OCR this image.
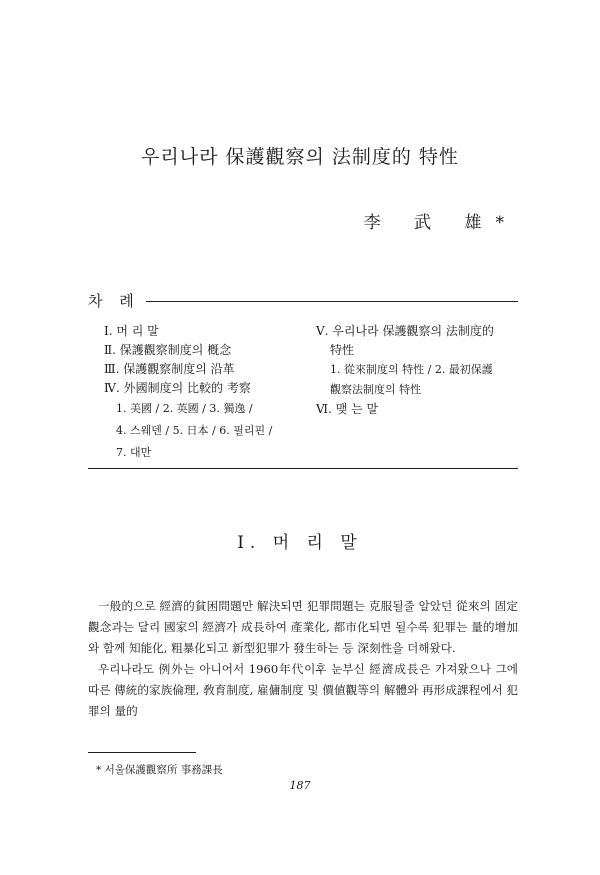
우리나라 保護觀察의 法制度的 特性
李 武 雄*
차 례
Ⅰ. 머 리 말
Ⅱ. 保護觀察制度의 槪念
Ⅲ. 保護觀察制度의 沿革
Ⅳ. 外國制度의 比較的 考察
1. 美國 / 2. 英國 / 3. 獨逸 /
4. 스웨덴 / 5. 日本 / 6. 필리핀 /
7. 대만
Ⅴ. 우리나라 保護觀察의 法制度的
特性
1. 從來制度의 特性 / 2. 最初保護
觀察法制度의 特性
Ⅵ. 맺 는 말
Ⅰ. 머 리 말

一般的으로 經濟的貧困問題만 解決되면 犯罪問題는 克服될줄 알았던 從來의 固定觀念과는 달리 國家의 經濟가 成長하여 產業化, 都市化되면 될수록 犯罪는 量的增加와 함께 知能化, 粗暴化되고 新型犯罪가 發生하는 등 深刻性을 더해왔다.

우리나라도 例外는 아니어서 1960年代이후 눈부신 經濟成長은 가져왔으나 그에 따른 傳統的家族倫理, 敎育制度, 雇傭制度 및 價値觀等의 解體와 再形成課程에서 犯罪의 量的

* 서울保護觀察所 事務課長
187
